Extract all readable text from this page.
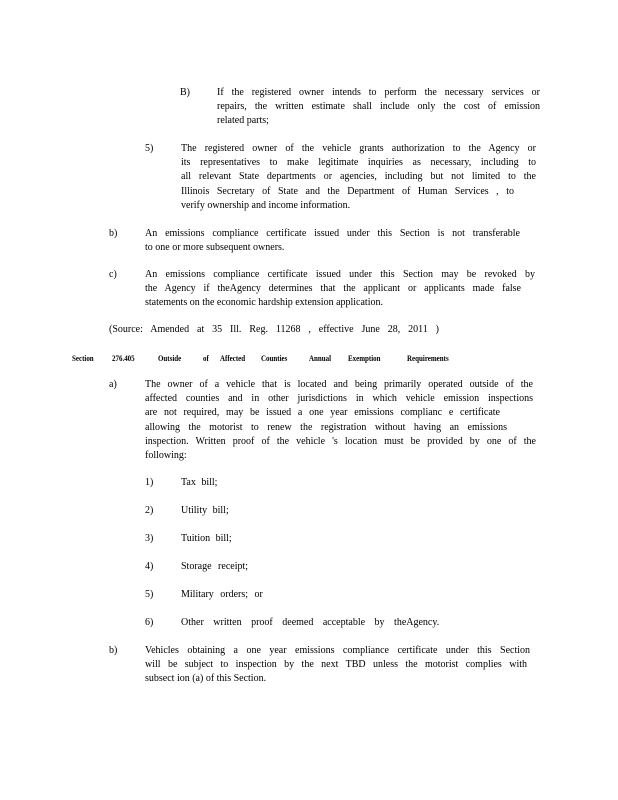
B)	If the registered owner intends to perform the necessary services or
repairs, the written estimate shall include only the cost of emission
related parts;
5)	The registered owner of the vehicle grants authorization to the Agency or
its representatives to make legitimate inquiries as necessary, including to
all relevant State departments or agencies, including but not limited to the
Illinois Secretary of State and the Department of Human Services , to
verify ownership and income information.
b)	An emissions compliance certificate issued under this Section is not transferable
to one or more subsequent owners.
c)	An emissions compliance certificate issued under this Section may be revoked by
the Agency if theAgency determines that the applicant or applicants made false
statements on the economic hardship extension application.
(Source: Amended at 35 Ill. Reg. 11268 , effective June 28, 2011 )
Section 276.405	Outside	of Affected Counties	Annual Exemption	Requirements
a)	The owner of a vehicle that is located and being primarily operated outside of the
affected counties and in other jurisdictions in which vehicle emission inspections
are not required, may be issued a one year emissions complianc e certificate
allowing the motorist to renew the registration without having an emissions
inspection. Written proof of the vehicle 's location must be provided by one of the
following:
1)	Tax bill;
2)	Utility bill;
3)	Tuition bill;
4)	Storage receipt;
5)	Military orders; or
6)	Other written proof deemed acceptable by theAgency.
b)	Vehicles obtaining a one year emissions compliance certificate under this Section
will be subject to inspection by the next TBD unless the motorist complies with
subsect ion (a) of this Section.
